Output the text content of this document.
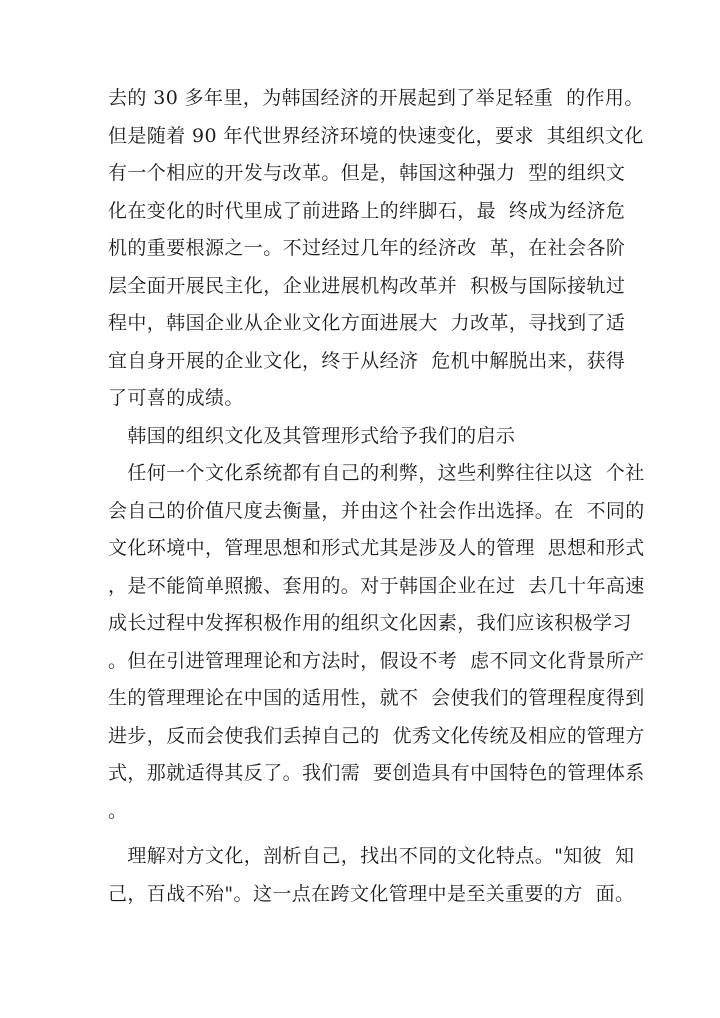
去的 30 多年里，为韩国经济的开展起到了举足轻重  的作用。
但是随着 90 年代世界经济环境的快速变化，要求  其组织文化
有一个相应的开发与改革。但是，韩国这种强力  型的组织文
化在变化的时代里成了前进路上的绊脚石，最  终成为经济危
机的重要根源之一。不过经过几年的经济改  革，在社会各阶
层全面开展民主化，企业进展机构改革并  积极与国际接轨过
程中，韩国企业从企业文化方面进展大  力改革，寻找到了适
宜自身开展的企业文化，终于从经济  危机中解脱出来，获得
了可喜的成绩。
韩国的组织文化及其管理形式给予我们的启示
任何一个文化系统都有自己的利弊，这些利弊往往以这  个社
会自己的价值尺度去衡量，并由这个社会作出选择。在  不同的
文化环境中，管理思想和形式尤其是涉及人的管理  思想和形式
，是不能简单照搬、套用的。对于韩国企业在过  去几十年高速
成长过程中发挥积极作用的组织文化因素，我们应该积极学习
。但在引进管理理论和方法时，假设不考  虑不同文化背景所产
生的管理理论在中国的适用性，就不  会使我们的管理程度得到
进步，反而会使我们丢掉自己的  优秀文化传统及相应的管理方
式，那就适得其反了。我们需  要创造具有中国特色的管理体系
。
理解对方文化，剖析自己，找出不同的文化特点。"知彼  知
己，百战不殆"。这一点在跨文化管理中是至关重要的方  面。
